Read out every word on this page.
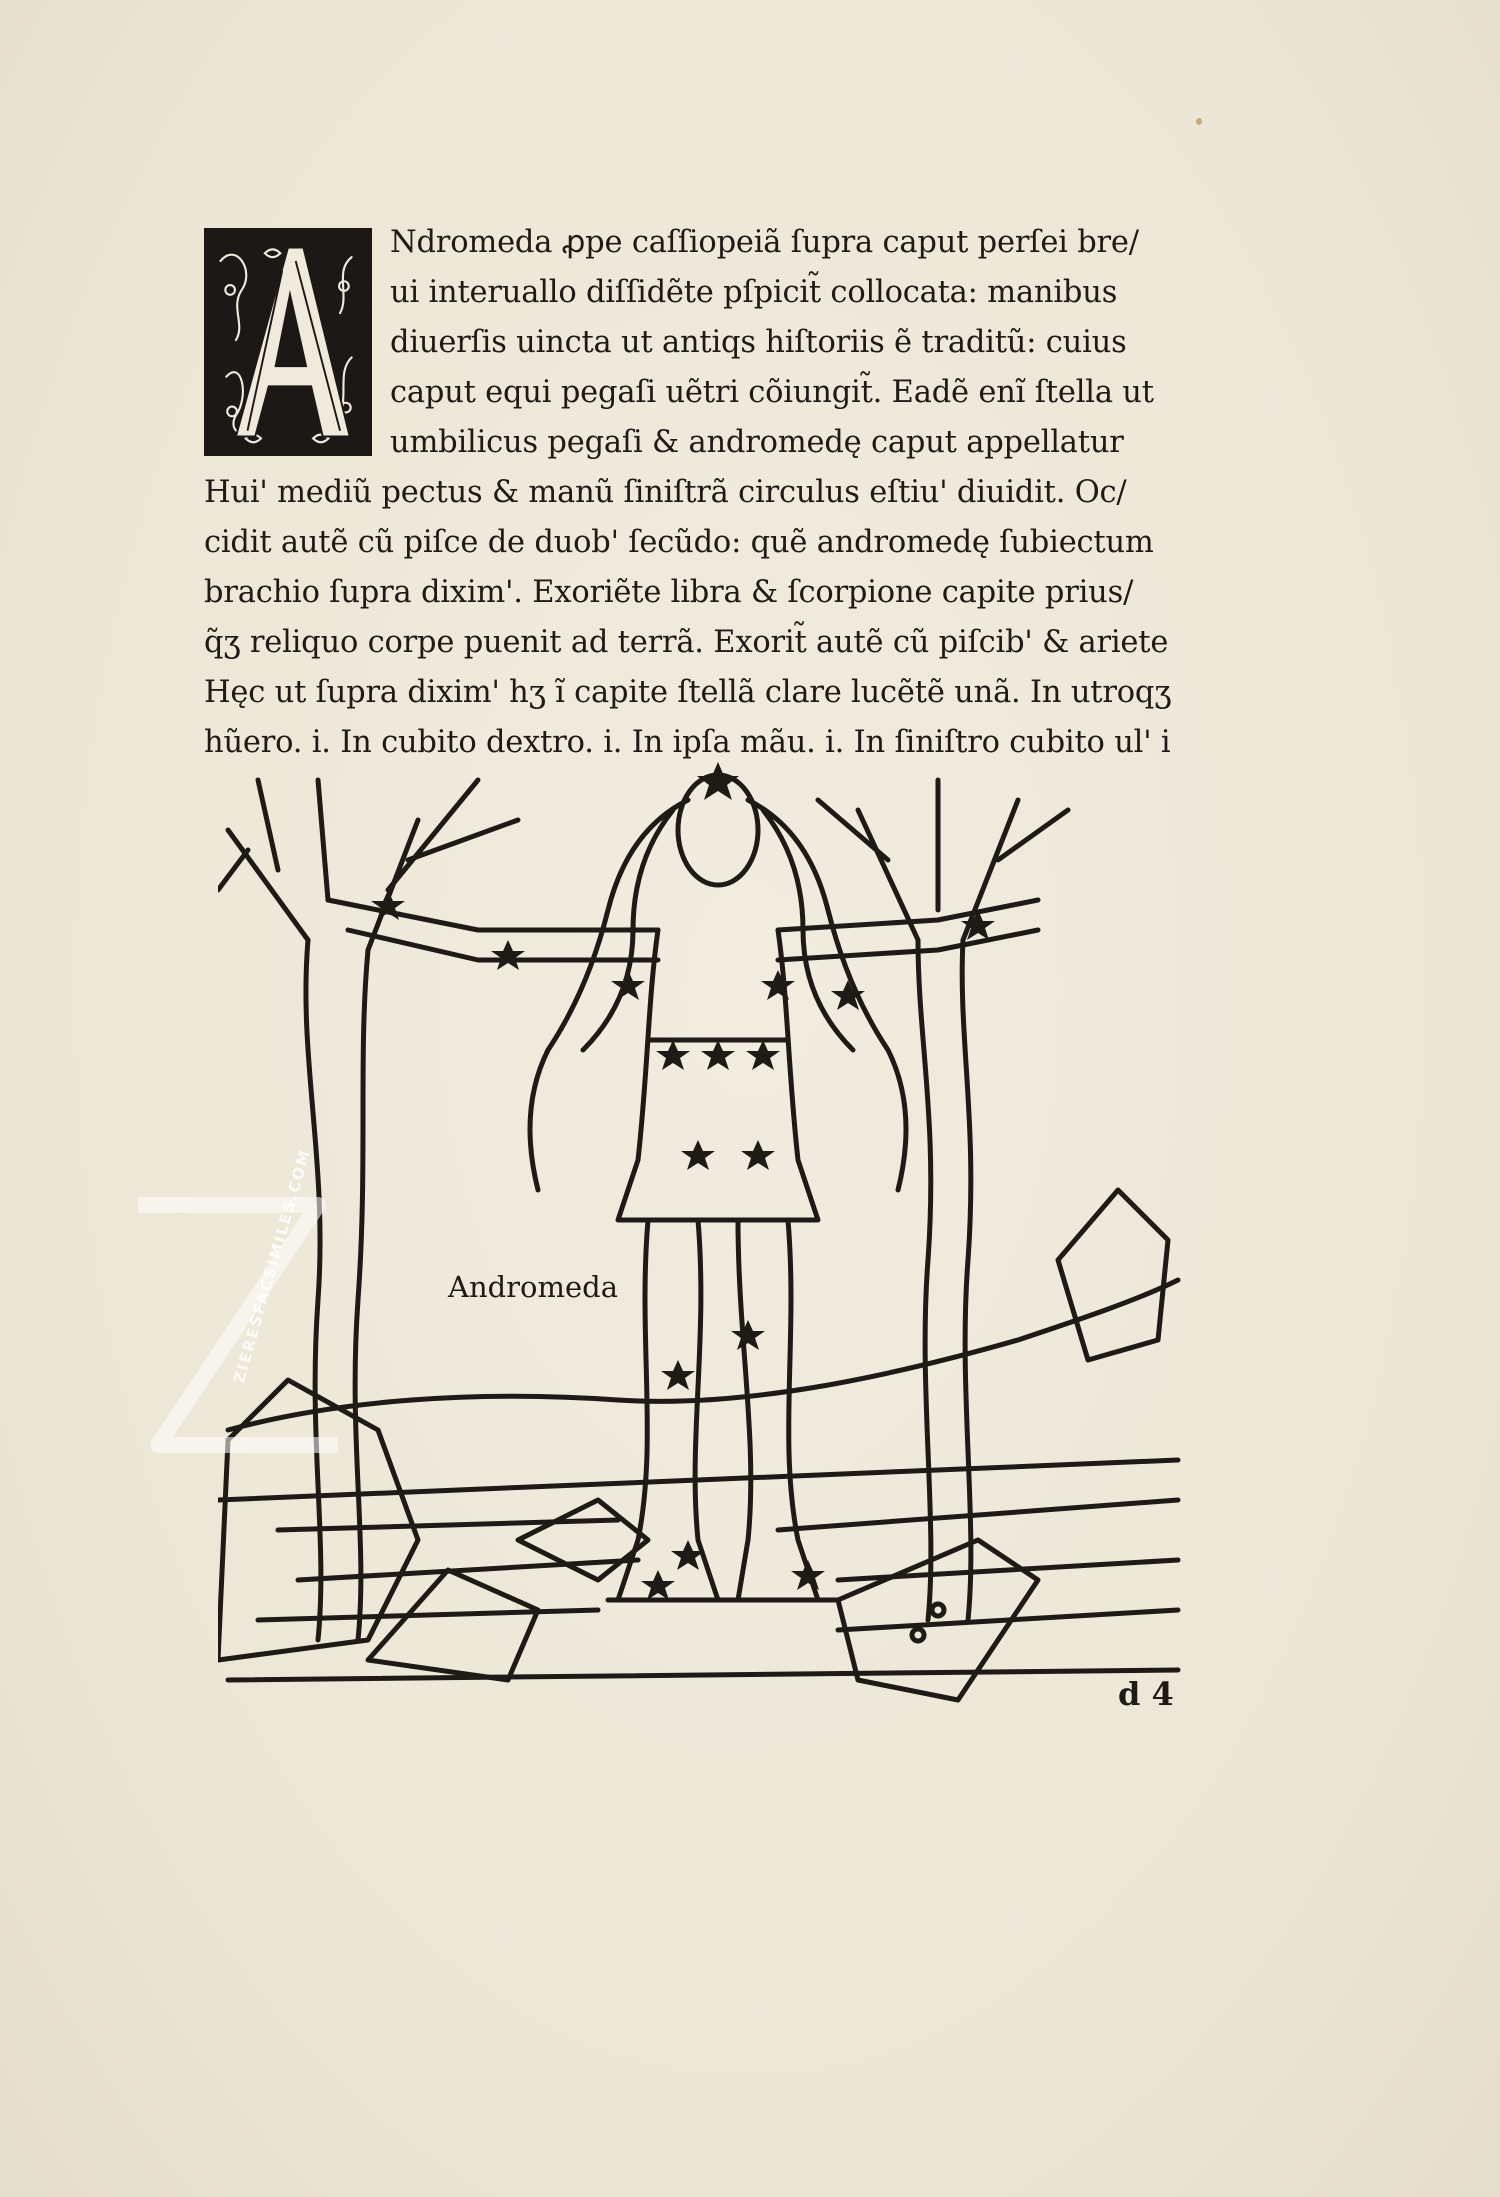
Ndromeda ꝓpe caſſiopeiã ſupra caput perſei bre/
ui interuallo diſſidẽte pſpicit̃ collocata: manibus
diuerſis uincta ut antiqs hiſtoriis ẽ traditũ: cuius
caput equi pegaſi uẽtri cõiungit̃. Eadẽ enĩ ſtella ut
umbilicus pegaſi & andromedę caput appellatur
Hui' mediũ pectus & manũ ſiniſtrã circulus eſtiu' diuidit. Oc/
cidit autẽ cũ piſce de duob' ſecũdo: quẽ andromedę ſubiectum
brachio ſupra dixim'. Exoriẽte libra & ſcorpione capite prius/
q̃ʒ reliquo corpe puenit ad terrã. Exorit̃ autẽ cũ piſcib' & ariete
Hęc ut ſupra dixim' hʒ ĩ capite ſtellã clare lucẽtẽ unã. In utroqʒ
hũero. i. In cubito dextro. i. In ipſa mãu. i. In ſiniſtro cubito ul' i
Andromeda
ZIERESFACSIMILES.COM
d 4
